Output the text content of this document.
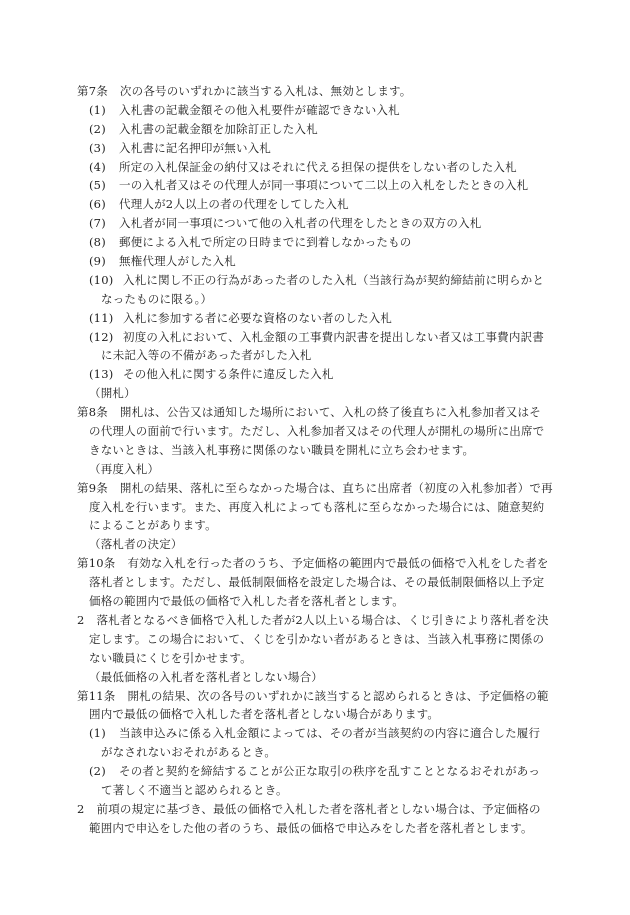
第7条 次の各号のいずれかに該当する入札は、無効とします。
(1) 入札書の記載金額その他入札要件が確認できない入札
(2) 入札書の記載金額を加除訂正した入札
(3) 入札書に記名押印が無い入札
(4) 所定の入札保証金の納付又はそれに代える担保の提供をしない者のした入札
(5) 一の入札者又はその代理人が同一事項について二以上の入札をしたときの入札
(6) 代理人が2人以上の者の代理をしてした入札
(7) 入札者が同一事項について他の入札者の代理をしたときの双方の入札
(8) 郵便による入札で所定の日時までに到着しなかったもの
(9) 無権代理人がした入札
(10) 入札に関し不正の行為があった者のした入札（当該行為が契約締結前に明らかと
なったものに限る。）
(11) 入札に参加する者に必要な資格のない者のした入札
(12) 初度の入札において、入札金額の工事費内訳書を提出しない者又は工事費内訳書
に未記入等の不備があった者がした入札
(13) その他入札に関する条件に違反した入札
（開札）
第8条 開札は、公告又は通知した場所において、入札の終了後直ちに入札参加者又はそ
の代理人の面前で行います。ただし、入札参加者又はその代理人が開札の場所に出席で
きないときは、当該入札事務に関係のない職員を開札に立ち会わせます。
（再度入札）
第9条 開札の結果、落札に至らなかった場合は、直ちに出席者（初度の入札参加者）で再
度入札を行います。また、再度入札によっても落札に至らなかった場合には、随意契約
によることがあります。
（落札者の決定）
第10条 有効な入札を行った者のうち、予定価格の範囲内で最低の価格で入札をした者を
落札者とします。ただし、最低制限価格を設定した場合は、その最低制限価格以上予定
価格の範囲内で最低の価格で入札した者を落札者とします。
2 落札者となるべき価格で入札した者が2人以上いる場合は、くじ引きにより落札者を決
定します。この場合において、くじを引かない者があるときは、当該入札事務に関係の
ない職員にくじを引かせます。
（最低価格の入札者を落札者としない場合）
第11条 開札の結果、次の各号のいずれかに該当すると認められるときは、予定価格の範
囲内で最低の価格で入札した者を落札者としない場合があります。
(1) 当該申込みに係る入札金額によっては、その者が当該契約の内容に適合した履行
がなされないおそれがあるとき。
(2) その者と契約を締結することが公正な取引の秩序を乱すこととなるおそれがあっ
て著しく不適当と認められるとき。
2 前項の規定に基づき、最低の価格で入札した者を落札者としない場合は、予定価格の
範囲内で申込をした他の者のうち、最低の価格で申込みをした者を落札者とします。
